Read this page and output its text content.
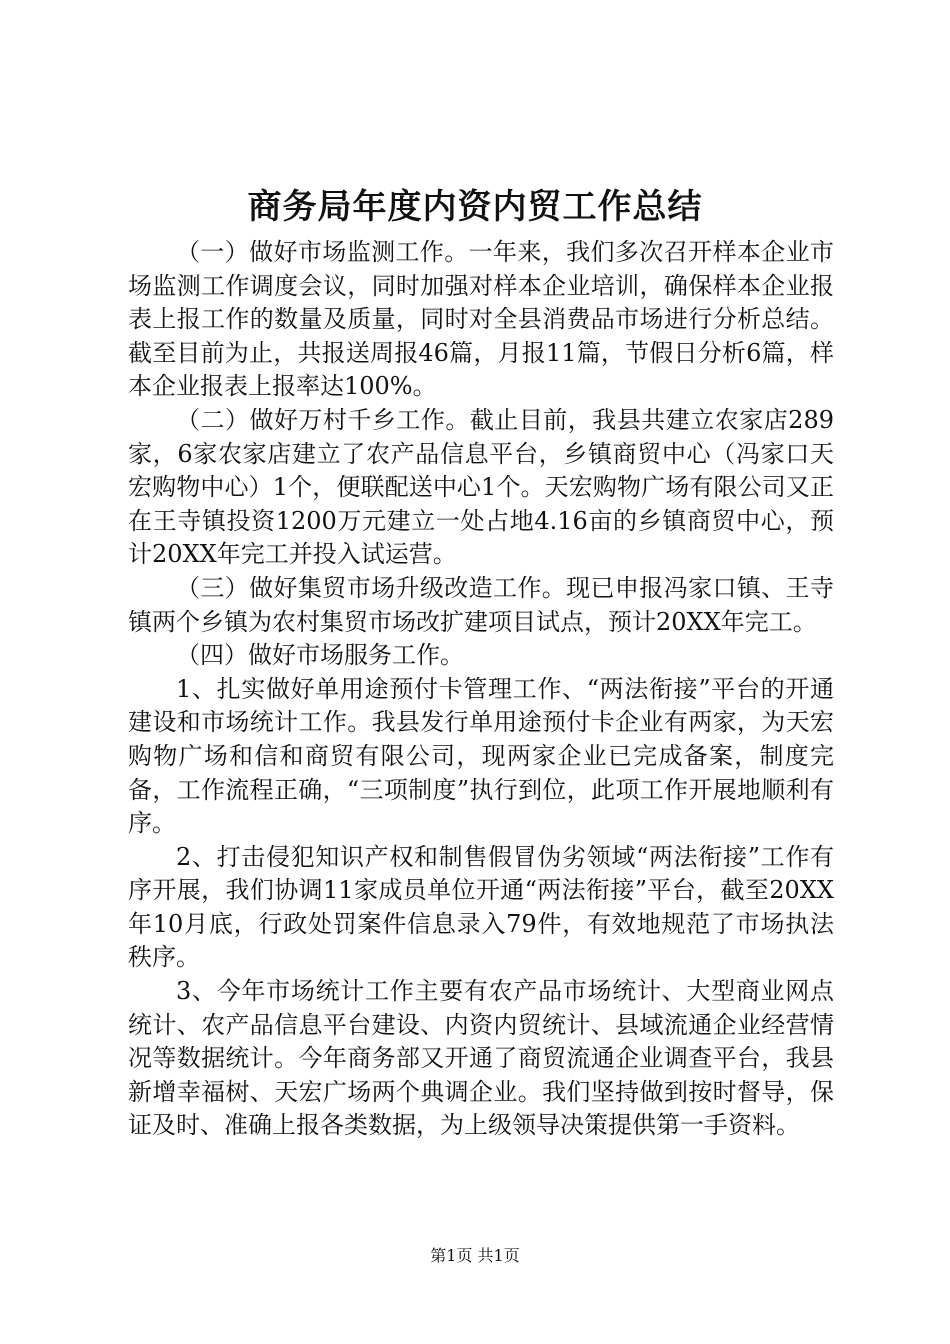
商务局年度内资内贸工作总结

（一）做好市场监测工作。一年来，我们多次召开样本企业市场监测工作调度会议，同时加强对样本企业培训，确保样本企业报表上报工作的数量及质量，同时对全县消费品市场进行分析总结。截至目前为止，共报送周报46篇，月报11篇，节假日分析6篇，样本企业报表上报率达100%。

（二）做好万村千乡工作。截止目前，我县共建立农家店289家，6家农家店建立了农产品信息平台，乡镇商贸中心（冯家口天宏购物中心）1个，便联配送中心1个。天宏购物广场有限公司又正在王寺镇投资1200万元建立一处占地4.16亩的乡镇商贸中心，预计20XX年完工并投入试运营。

（三）做好集贸市场升级改造工作。现已申报冯家口镇、王寺镇两个乡镇为农村集贸市场改扩建项目试点，预计20XX年完工。

（四）做好市场服务工作。

1、扎实做好单用途预付卡管理工作、“两法衔接”平台的开通建设和市场统计工作。我县发行单用途预付卡企业有两家，为天宏购物广场和信和商贸有限公司，现两家企业已完成备案，制度完备，工作流程正确，“三项制度”执行到位，此项工作开展地顺利有序。

2、打击侵犯知识产权和制售假冒伪劣领域“两法衔接”工作有序开展，我们协调11家成员单位开通“两法衔接”平台，截至20XX年10月底，行政处罚案件信息录入79件，有效地规范了市场执法秩序。

3、今年市场统计工作主要有农产品市场统计、大型商业网点统计、农产品信息平台建设、内资内贸统计、县域流通企业经营情况等数据统计。今年商务部又开通了商贸流通企业调查平台，我县新增幸福树、天宏广场两个典调企业。我们坚持做到按时督导，保证及时、准确上报各类数据，为上级领导决策提供第一手资料。

第1页 共1页
